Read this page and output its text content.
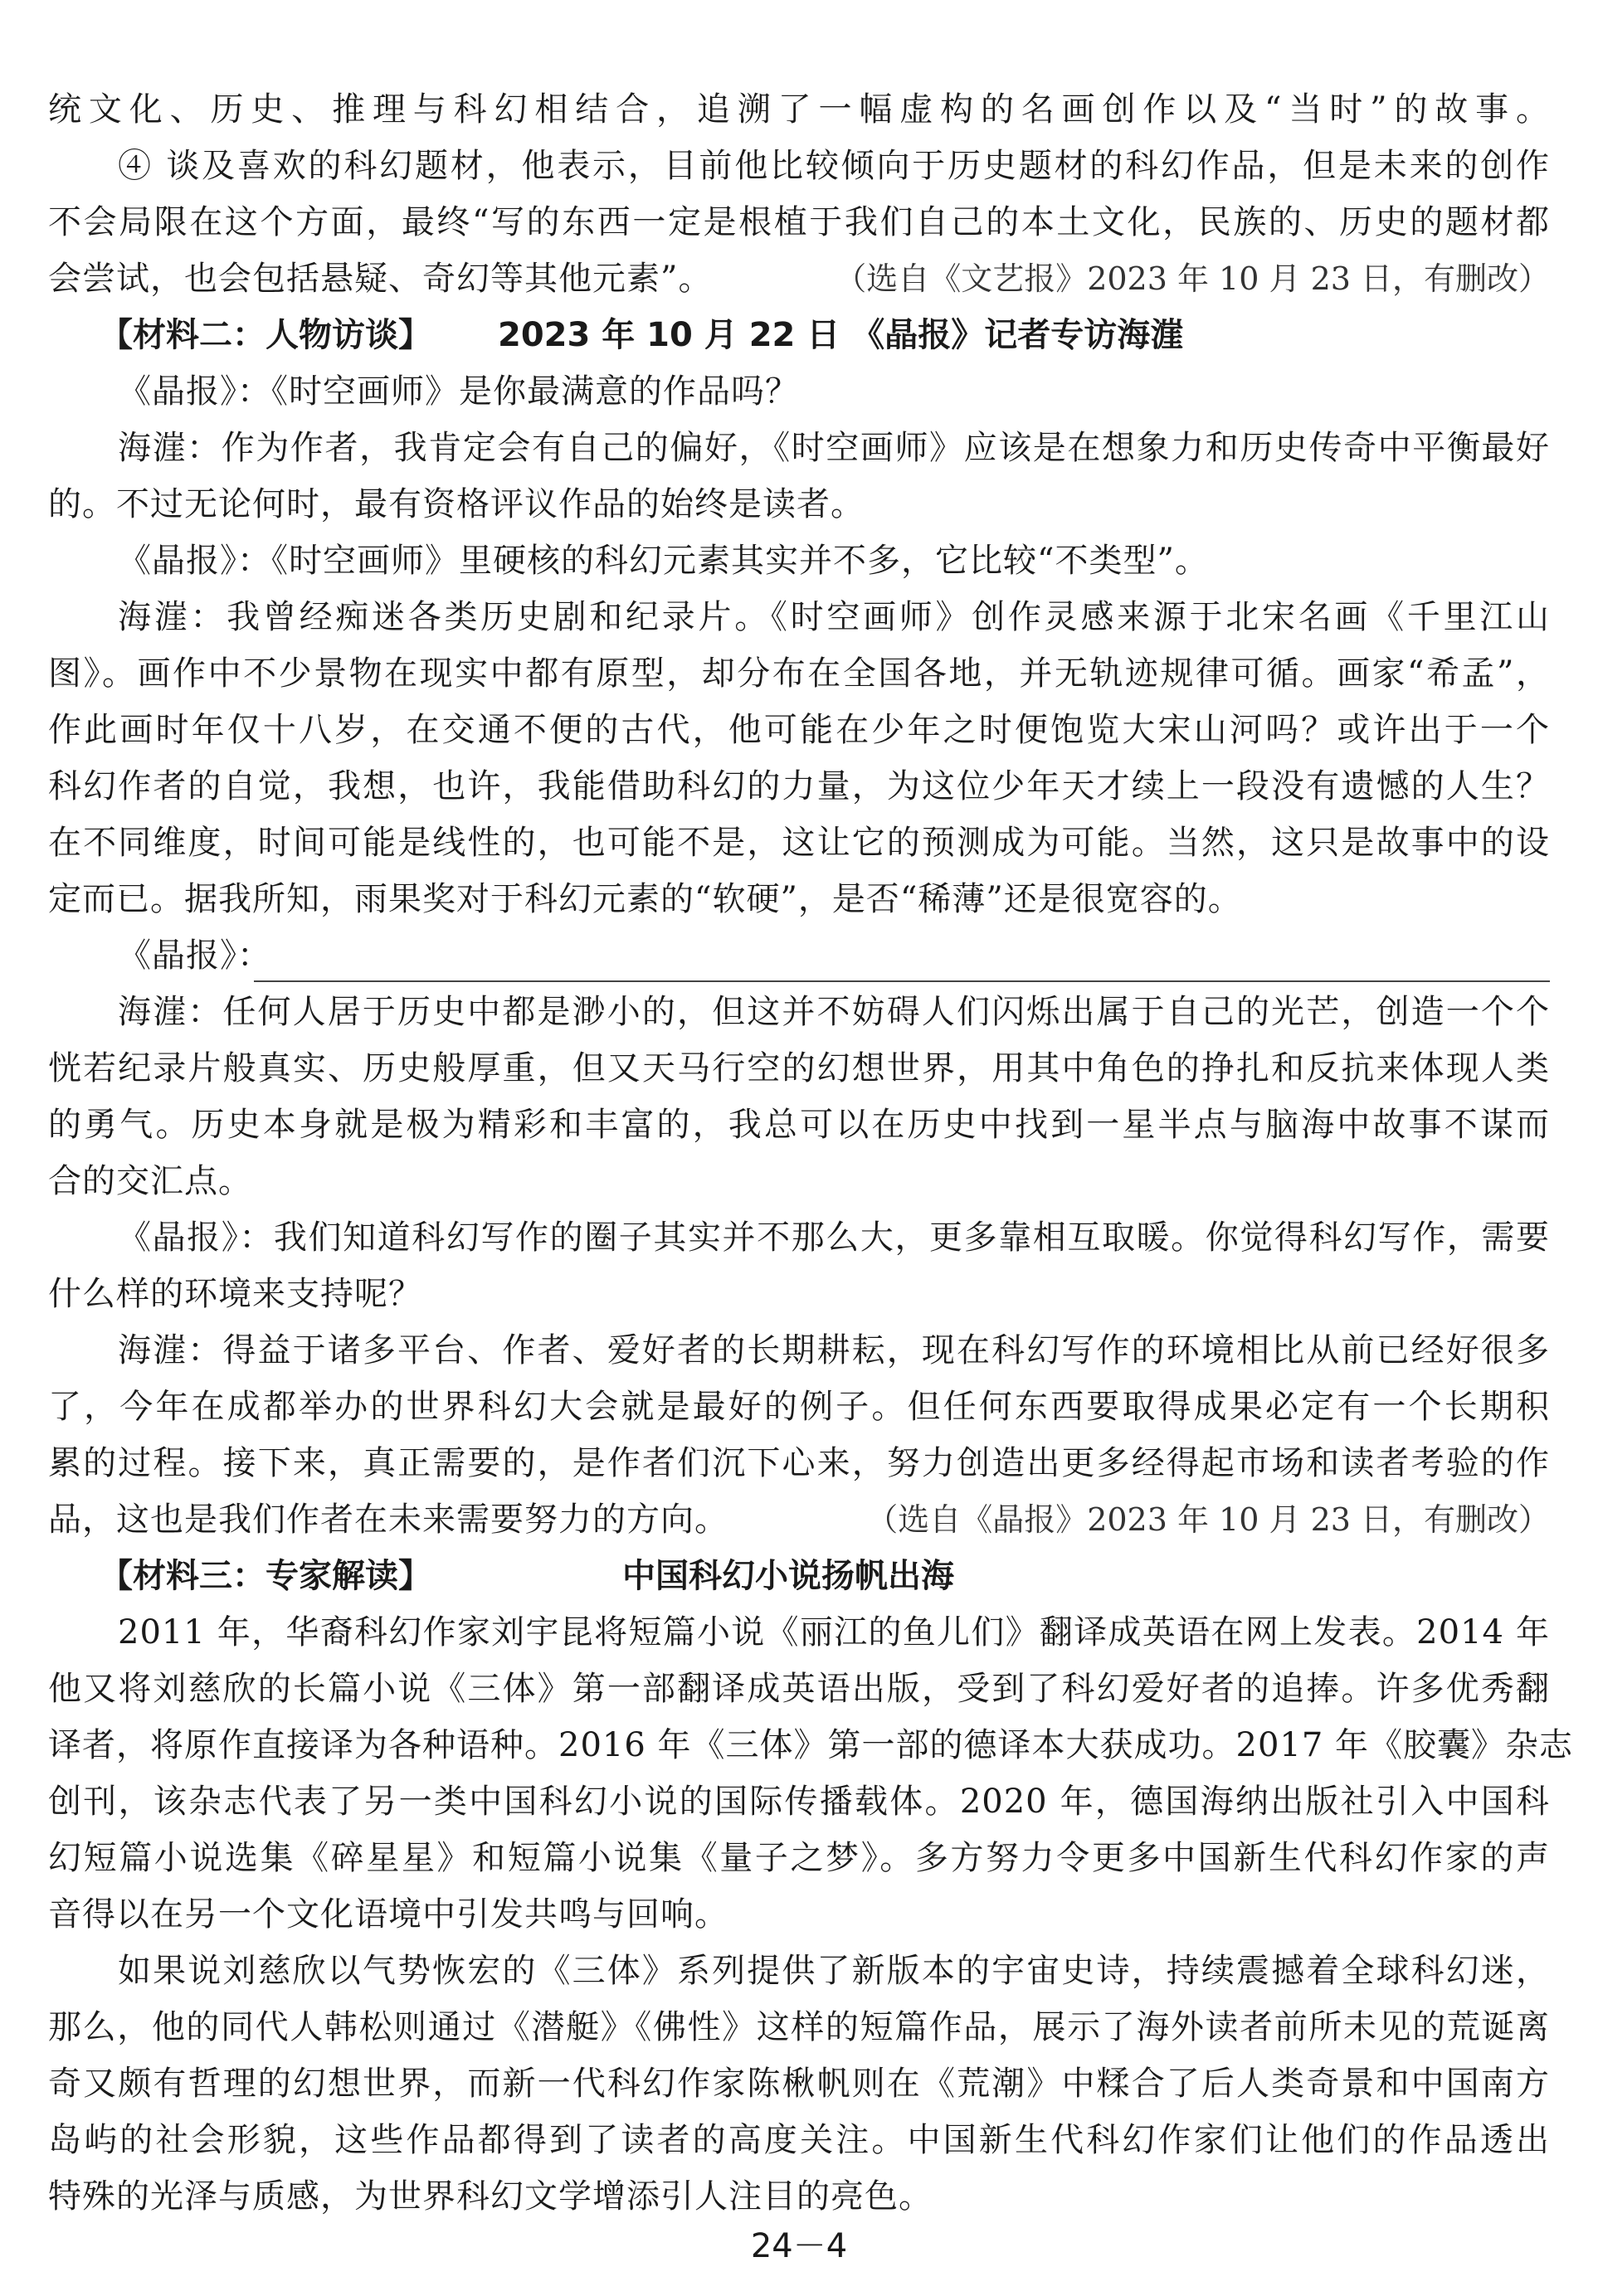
统文化、历史、推理与科幻相结合，追溯了一幅虚构的名画创作以及“当时”的故事。
④ 谈及喜欢的科幻题材，他表示，目前他比较倾向于历史题材的科幻作品，但是未来的创作
不会局限在这个方面，最终“写的东西一定是根植于我们自己的本土文化，民族的、历史的题材都
会尝试，也会包括悬疑、奇幻等其他元素”。	（选自《文艺报》2023 年 10 月 23 日，有删改）
【材料二：人物访谈】 2023 年 10 月 22 日 《晶报》记者专访海漄
《晶报》：《时空画师》是你最满意的作品吗？
海漄：作为作者，我肯定会有自己的偏好，《时空画师》应该是在想象力和历史传奇中平衡最好
的。不过无论何时，最有资格评议作品的始终是读者。
《晶报》：《时空画师》里硬核的科幻元素其实并不多，它比较“不类型”。
海漄：我曾经痴迷各类历史剧和纪录片。《时空画师》创作灵感来源于北宋名画《千里江山
图》。画作中不少景物在现实中都有原型，却分布在全国各地，并无轨迹规律可循。画家“希孟”，
作此画时年仅十八岁，在交通不便的古代，他可能在少年之时便饱览大宋山河吗？或许出于一个
科幻作者的自觉，我想，也许，我能借助科幻的力量，为这位少年天才续上一段没有遗憾的人生？
在不同维度，时间可能是线性的，也可能不是，这让它的预测成为可能。当然，这只是故事中的设
定而已。据我所知，雨果奖对于科幻元素的“软硬”，是否“稀薄”还是很宽容的。
《晶报》：
海漄：任何人居于历史中都是渺小的，但这并不妨碍人们闪烁出属于自己的光芒，创造一个个
恍若纪录片般真实、历史般厚重，但又天马行空的幻想世界，用其中角色的挣扎和反抗来体现人类
的勇气。历史本身就是极为精彩和丰富的，我总可以在历史中找到一星半点与脑海中故事不谋而
合的交汇点。
《晶报》：我们知道科幻写作的圈子其实并不那么大，更多靠相互取暖。你觉得科幻写作，需要
什么样的环境来支持呢？
海漄：得益于诸多平台、作者、爱好者的长期耕耘，现在科幻写作的环境相比从前已经好很多
了，今年在成都举办的世界科幻大会就是最好的例子。但任何东西要取得成果必定有一个长期积
累的过程。接下来，真正需要的，是作者们沉下心来，努力创造出更多经得起市场和读者考验的作
品，这也是我们作者在未来需要努力的方向。	（选自《晶报》2023 年 10 月 23 日，有删改）
【材料三：专家解读】	中国科幻小说扬帆出海
2011 年，华裔科幻作家刘宇昆将短篇小说《丽江的鱼儿们》翻译成英语在网上发表。2014 年
他又将刘慈欣的长篇小说《三体》第一部翻译成英语出版，受到了科幻爱好者的追捧。许多优秀翻
译者，将原作直接译为各种语种。2016 年《三体》第一部的德译本大获成功。2017 年《胶囊》杂志
创刊，该杂志代表了另一类中国科幻小说的国际传播载体。2020 年，德国海纳出版社引入中国科
幻短篇小说选集《碎星星》和短篇小说集《量子之梦》。多方努力令更多中国新生代科幻作家的声
音得以在另一个文化语境中引发共鸣与回响。
如果说刘慈欣以气势恢宏的《三体》系列提供了新版本的宇宙史诗，持续震撼着全球科幻迷，
那么，他的同代人韩松则通过《潜艇》《佛性》这样的短篇作品，展示了海外读者前所未见的荒诞离
奇又颇有哲理的幻想世界，而新一代科幻作家陈楸帆则在《荒潮》中糅合了后人类奇景和中国南方
岛屿的社会形貌，这些作品都得到了读者的高度关注。中国新生代科幻作家们让他们的作品透出
特殊的光泽与质感，为世界科幻文学增添引人注目的亮色。
24－4
